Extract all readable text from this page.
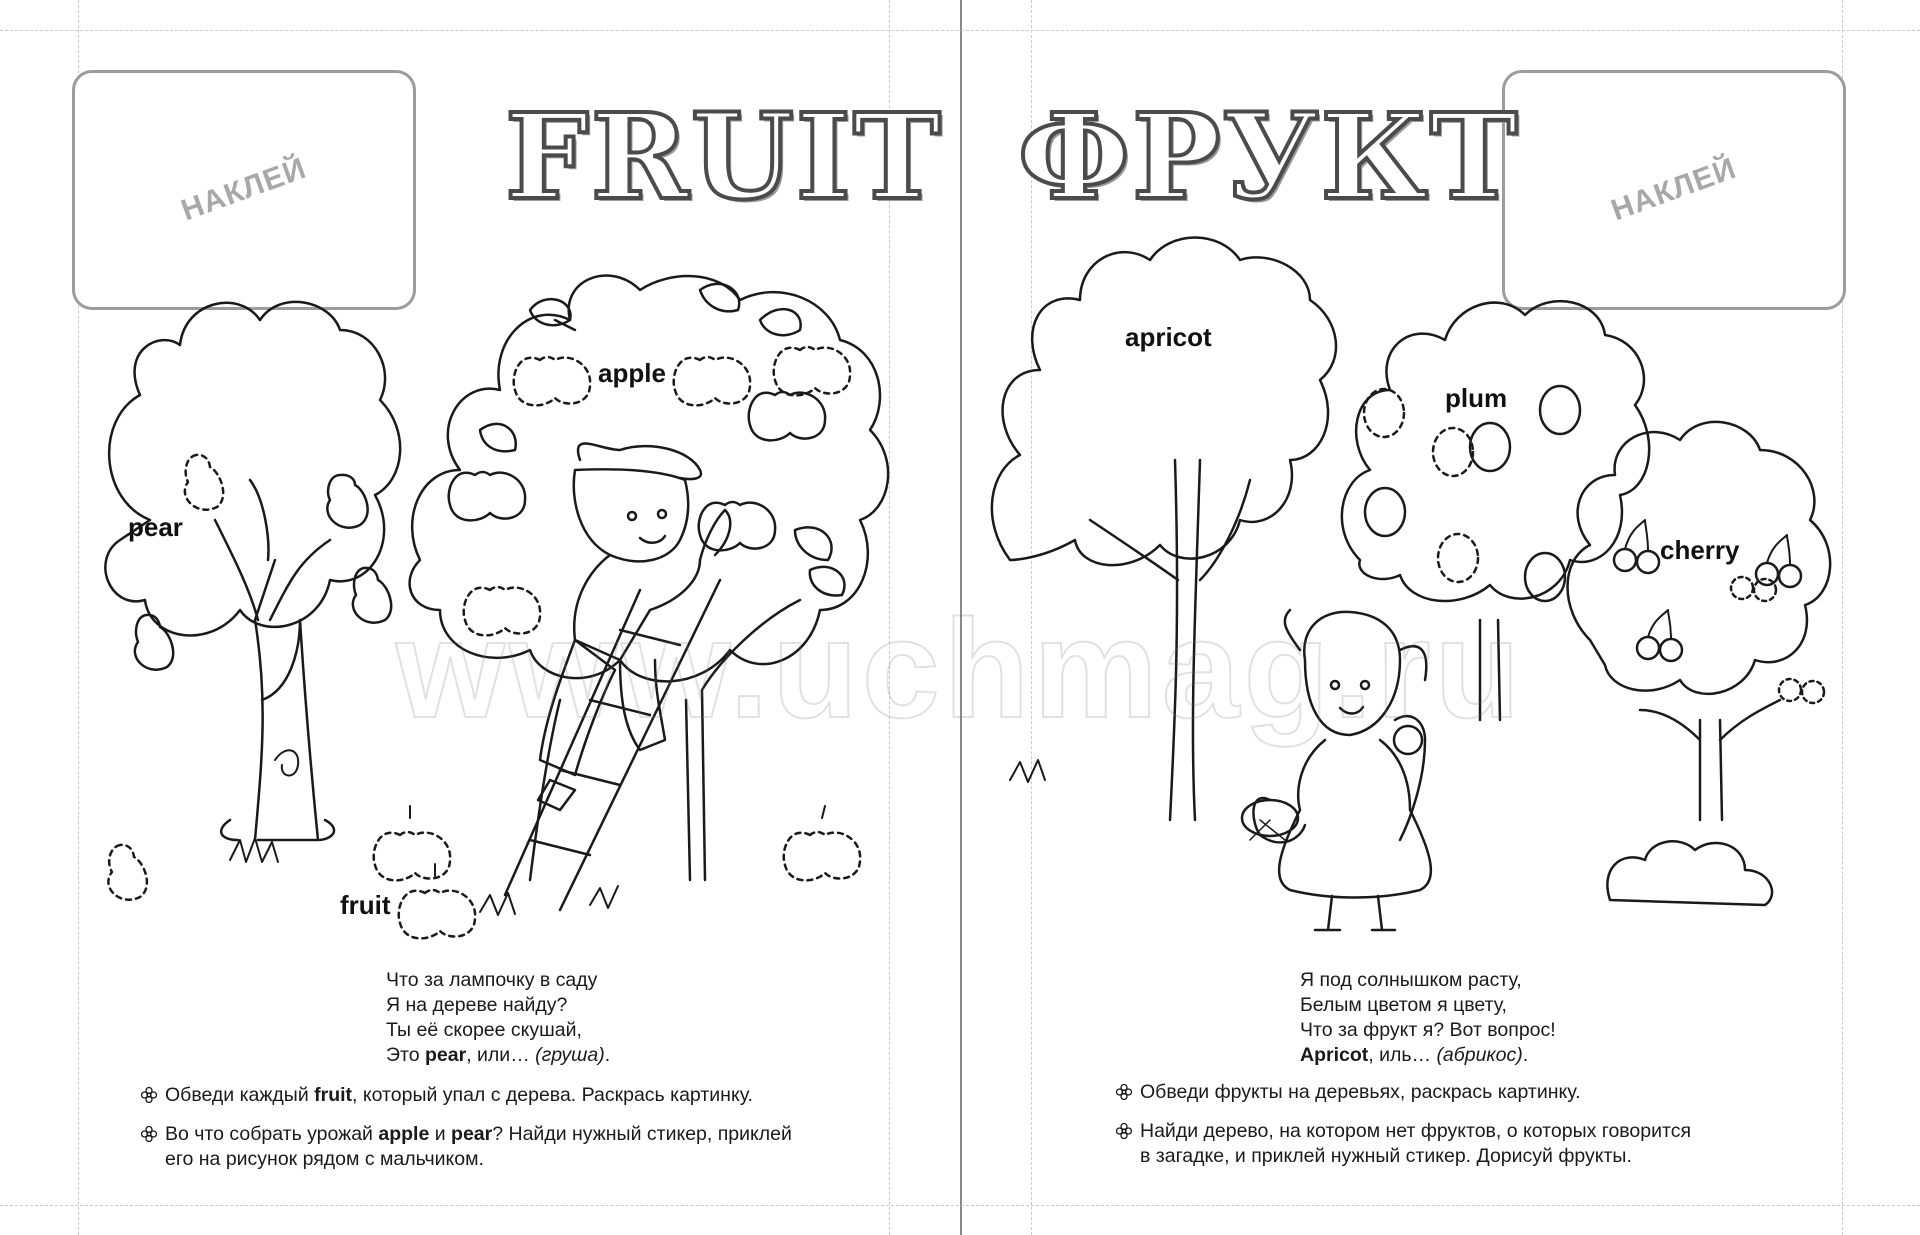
НАКЛЕЙ FRUIT	НАКЛЕЙ
ФРУКТ
pear
apple
fruit
apricot
plum
cherry
www.uchmag.ru
Что за лампочку в саду
Я на дереве найду?
Ты её скорее скушай,
Это pear, или… (груша).
Обведи каждый fruit, который упал с дерева. Раскрась картинку.
Во что собрать урожай apple и pear? Найди нужный стикер, приклей
его на рисунок рядом с мальчиком.
Я под солнышком расту,
Белым цветом я цвету,
Что за фрукт я? Вот вопрос!
Apricot, иль… (абрикос).
Обведи фрукты на деревьях, раскрась картинку.
Найди дерево, на котором нет фруктов, о которых говорится
в загадке, и приклей нужный стикер. Дорисуй фрукты.
